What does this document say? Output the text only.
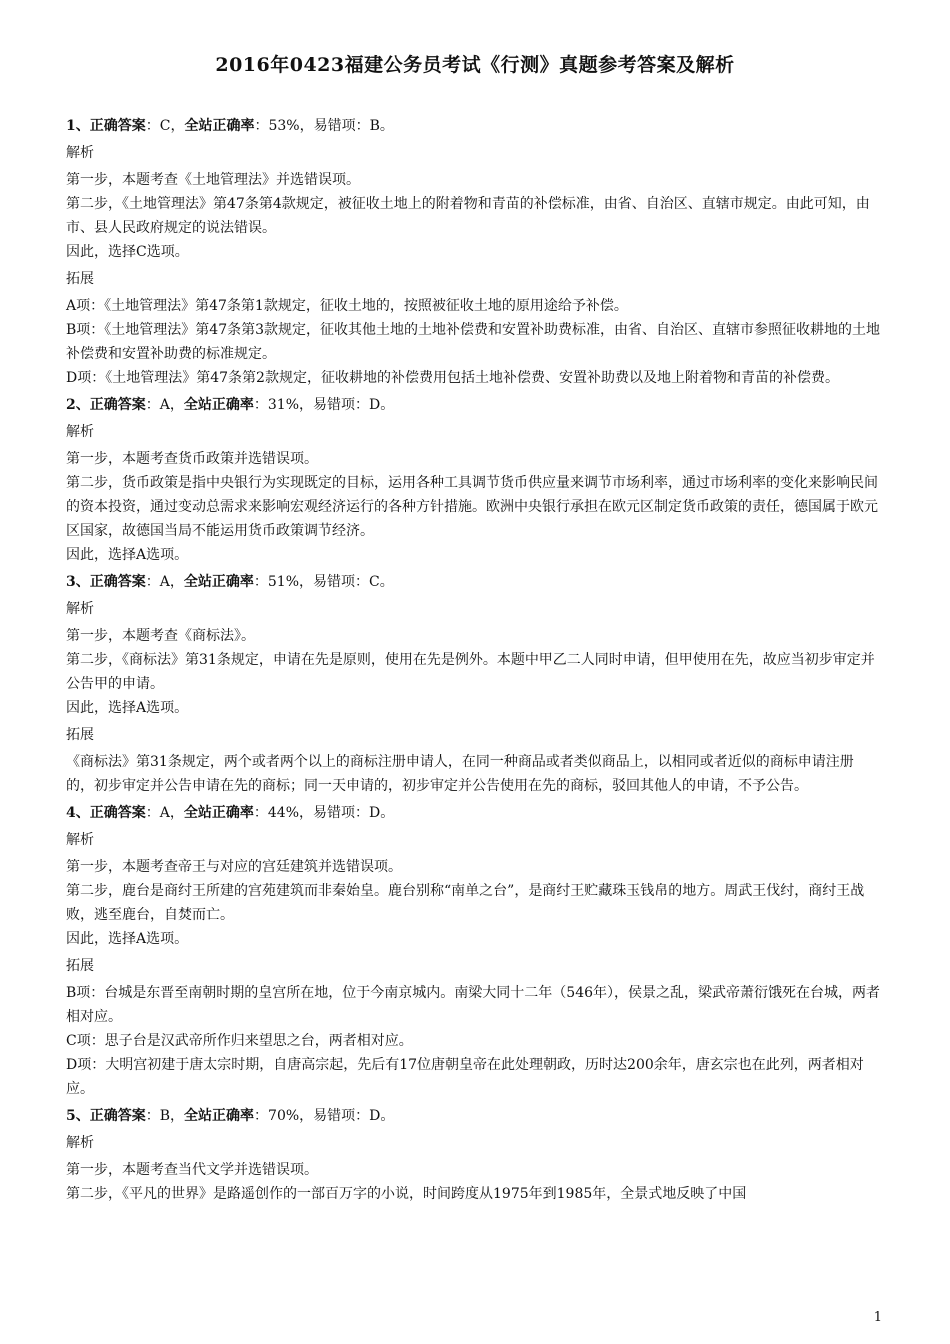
2016年0423福建公务员考试《行测》真题参考答案及解析
1、正确答案：C，全站正确率：53%，易错项：B。
解析
第一步，本题考查《土地管理法》并选错误项。
第二步，《土地管理法》第47条第4款规定，被征收土地上的附着物和青苗的补偿标准，由省、自治区、直辖市规定。由此可知，由市、县人民政府规定的说法错误。
因此，选择C选项。
拓展
A项：《土地管理法》第47条第1款规定，征收土地的，按照被征收土地的原用途给予补偿。
B项：《土地管理法》第47条第3款规定，征收其他土地的土地补偿费和安置补助费标准，由省、自治区、直辖市参照征收耕地的土地补偿费和安置补助费的标准规定。
D项：《土地管理法》第47条第2款规定，征收耕地的补偿费用包括土地补偿费、安置补助费以及地上附着物和青苗的补偿费。
2、正确答案：A，全站正确率：31%，易错项：D。
解析
第一步，本题考查货币政策并选错误项。
第二步，货币政策是指中央银行为实现既定的目标，运用各种工具调节货币供应量来调节市场利率，通过市场利率的变化来影响民间的资本投资，通过变动总需求来影响宏观经济运行的各种方针措施。欧洲中央银行承担在欧元区制定货币政策的责任，德国属于欧元区国家，故德国当局不能运用货币政策调节经济。
因此，选择A选项。
3、正确答案：A，全站正确率：51%，易错项：C。
解析
第一步，本题考查《商标法》。
第二步，《商标法》第31条规定，申请在先是原则，使用在先是例外。本题中甲乙二人同时申请，但甲使用在先，故应当初步审定并公告甲的申请。
因此，选择A选项。
拓展
《商标法》第31条规定，两个或者两个以上的商标注册申请人，在同一种商品或者类似商品上，以相同或者近似的商标申请注册的，初步审定并公告申请在先的商标；同一天申请的，初步审定并公告使用在先的商标，驳回其他人的申请，不予公告。
4、正确答案：A，全站正确率：44%，易错项：D。
解析
第一步，本题考查帝王与对应的宫廷建筑并选错误项。
第二步，鹿台是商纣王所建的宫苑建筑而非秦始皇。鹿台别称“南单之台”，是商纣王贮藏珠玉钱帛的地方。周武王伐纣，商纣王战败，逃至鹿台，自焚而亡。
因此，选择A选项。
拓展
B项：台城是东晋至南朝时期的皇宫所在地，位于今南京城内。南梁大同十二年（546年），侯景之乱，梁武帝萧衍饿死在台城，两者相对应。
C项：思子台是汉武帝所作归来望思之台，两者相对应。
D项：大明宫初建于唐太宗时期，自唐高宗起，先后有17位唐朝皇帝在此处理朝政，历时达200余年，唐玄宗也在此列，两者相对应。
5、正确答案：B，全站正确率：70%，易错项：D。
解析
第一步，本题考查当代文学并选错误项。
第二步，《平凡的世界》是路遥创作的一部百万字的小说，时间跨度从1975年到1985年，全景式地反映了中国
1
